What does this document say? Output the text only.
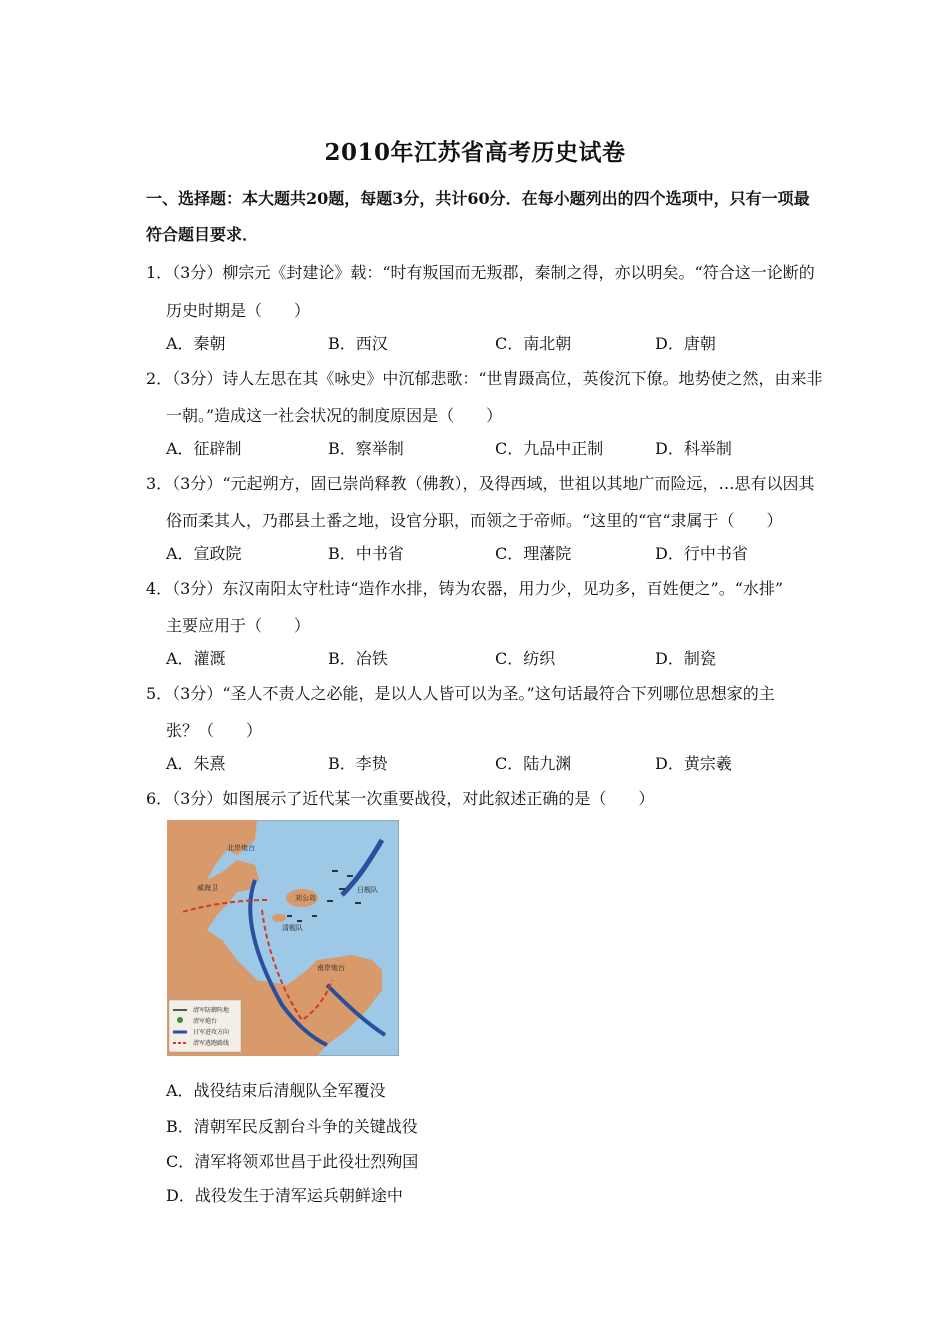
2010年江苏省高考历史试卷
一、选择题：本大题共20题，每题3分，共计60分．在每小题列出的四个选项中，只有一项最符合题目要求．
1．（3分）柳宗元《封建论》载：“时有叛国而无叛郡，秦制之得，亦以明矣。“符合这一论断的
历史时期是（　　）
A．秦朝	B．西汉	C．南北朝	D．唐朝
2．（3分）诗人左思在其《咏史》中沉郁悲歌：“世胄蹑高位，英俊沉下僚。地势使之然，由来非
一朝。”造成这一社会状况的制度原因是（　　）
A．征辟制	B．察举制	C．九品中正制	D．科举制
3．（3分）“元起朔方，固已崇尚释教（佛教），及得西域，世祖以其地广而险远，…思有以因其
俗而柔其人，乃郡县土番之地，设官分职，而领之于帝师。“这里的“官“隶属于（　　）
A．宣政院	B．中书省	C．理藩院	D．行中书省
4．（3分）东汉南阳太守杜诗“造作水排，铸为农器，用力少，见功多，百姓便之”。“水排”
主要应用于（　　）
A．灌溉	B．冶铁	C．纺织	D．制瓷
5．（3分）“圣人不责人之必能，是以人人皆可以为圣。”这句话最符合下列哪位思想家的主
张？（　　）
A．朱熹	B．李贽	C．陆九渊	D．黄宗羲
6．（3分）如图展示了近代某一次重要战役，对此叙述正确的是（　　）
北岸炮台
威海卫
刘公岛
南岸炮台
日舰队
清舰队
清军防御阵地
清军炮台
日军进攻方向
清军逃跑路线
A．战役结束后清舰队全军覆没
B．清朝军民反割台斗争的关键战役
C．清军将领邓世昌于此役壮烈殉国
D．战役发生于清军运兵朝鲜途中
